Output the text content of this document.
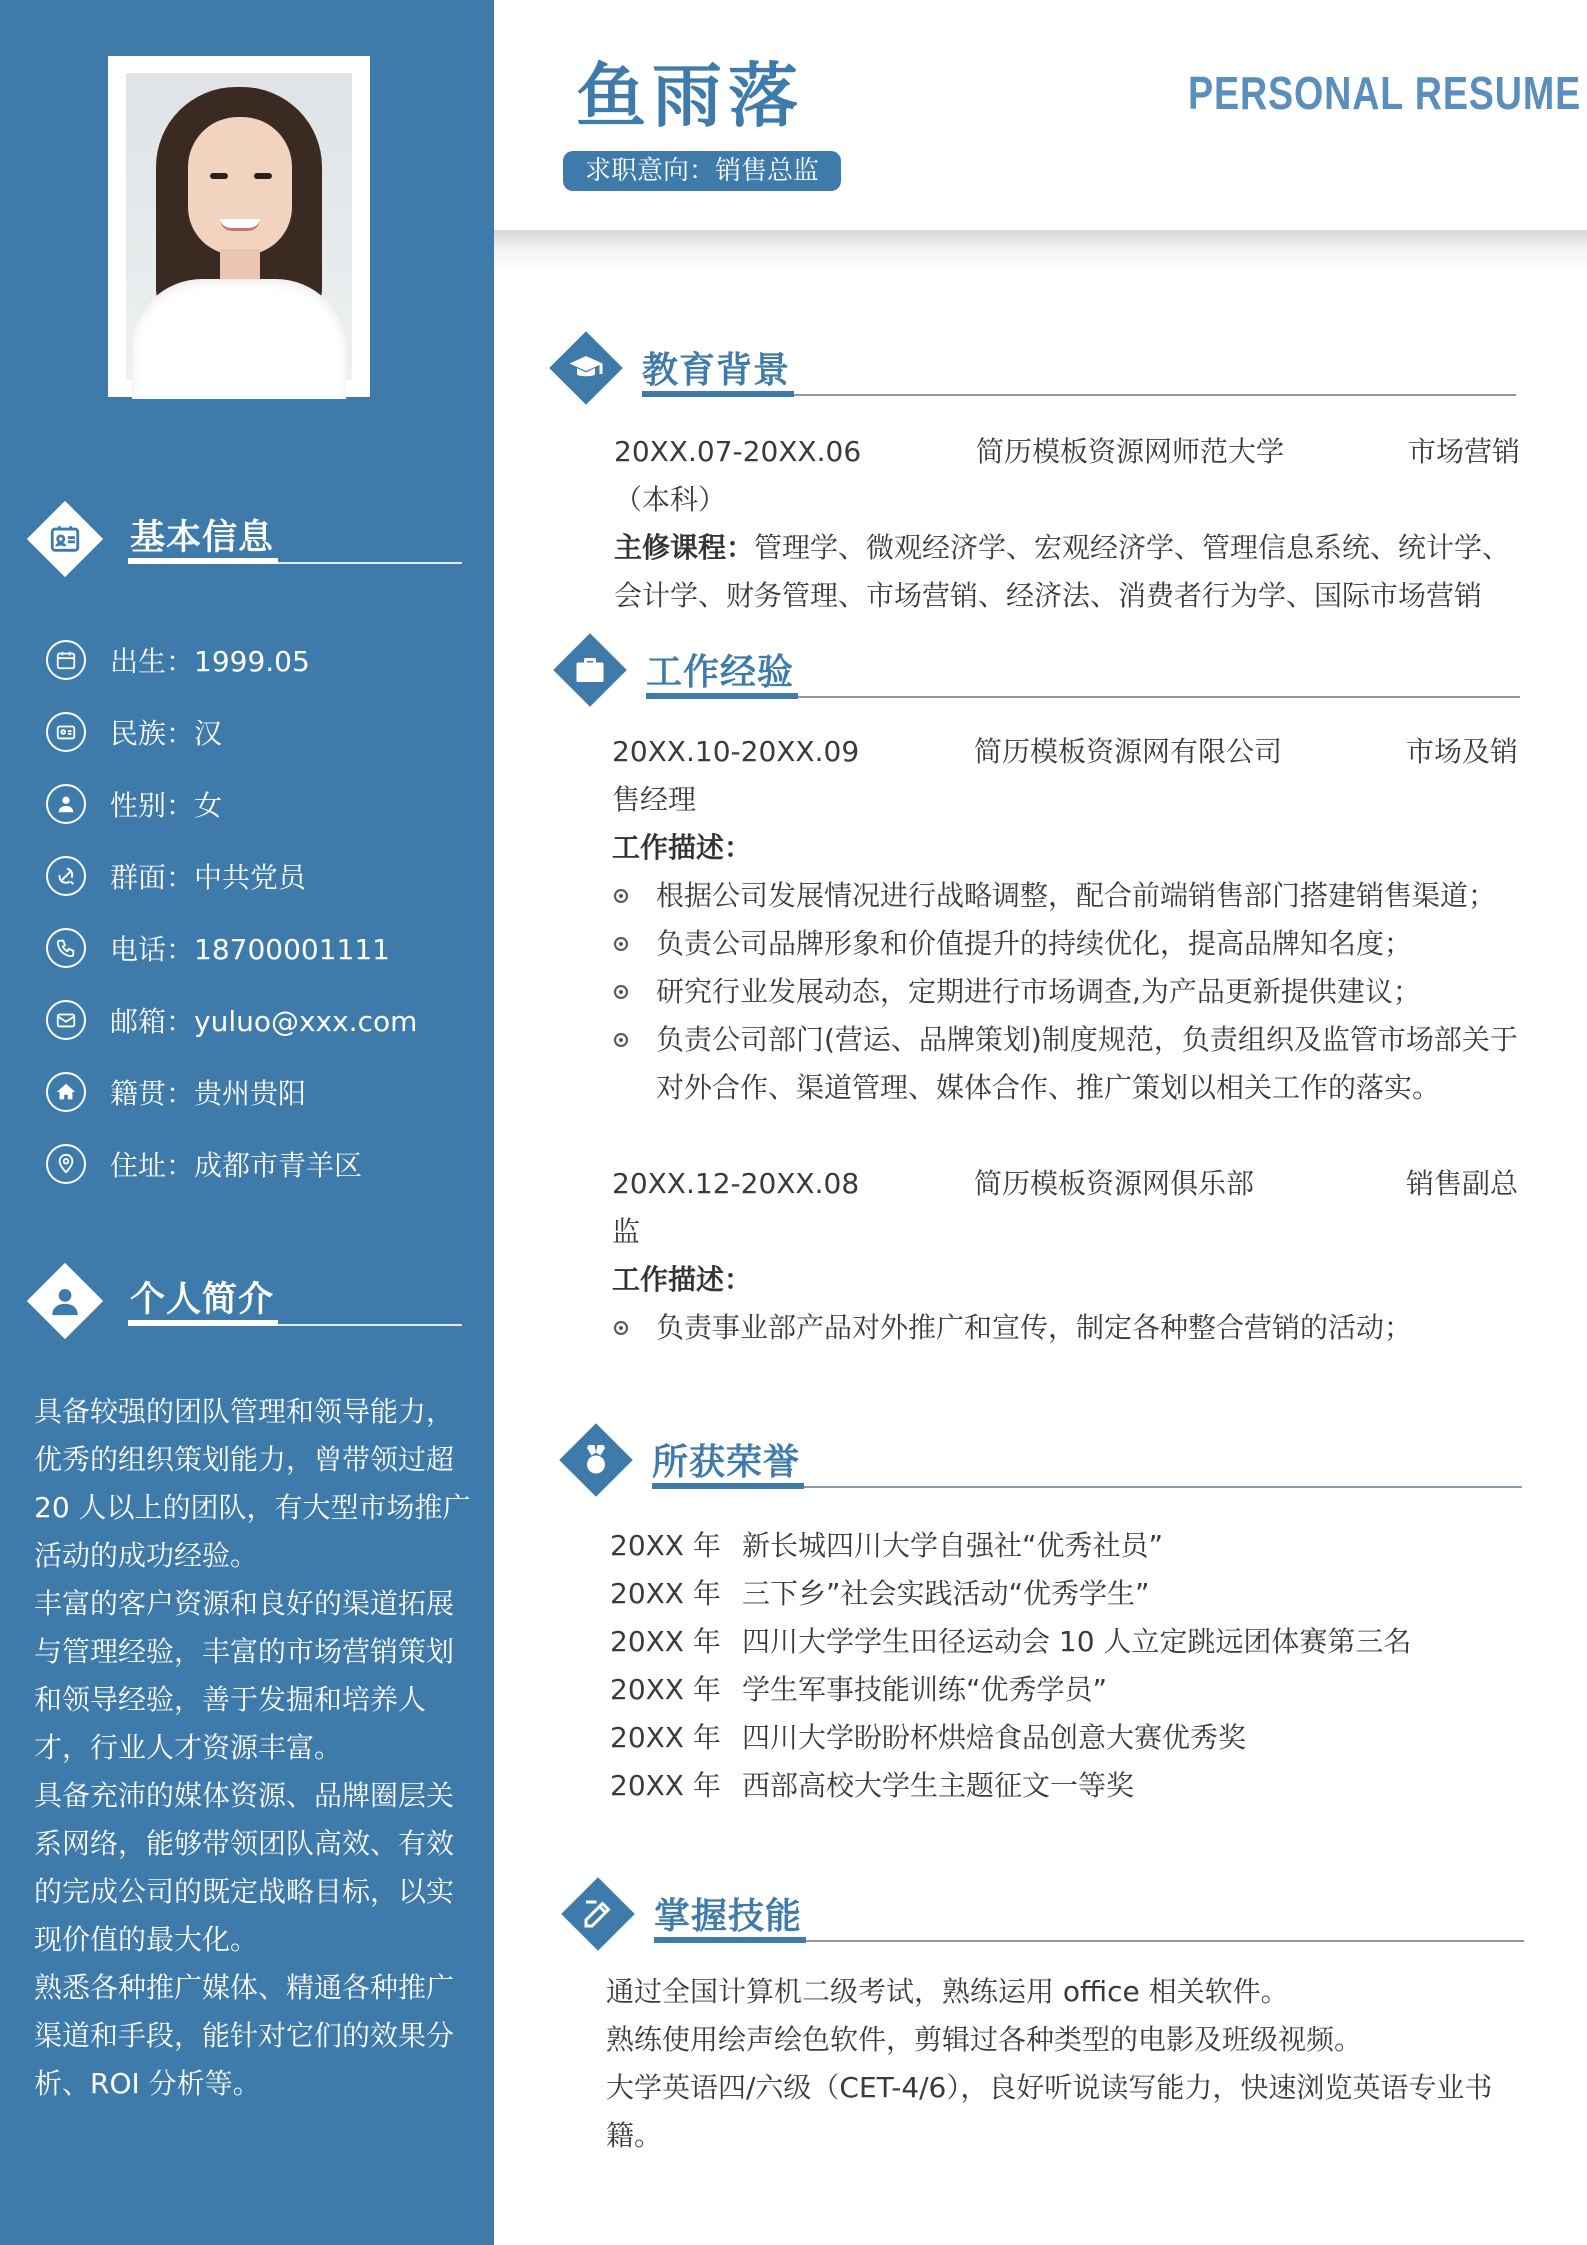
基本信息
出生：1999.05
民族：汉
性别：女
群面：中共党员
电话：18700001111
邮箱：yuluo@xxx.com
籍贯：贵州贵阳
住址：成都市青羊区
个人简介

具备较强的团队管理和领导能力，优秀的组织策划能力，曾带领过超 20 人以上的团队，有大型市场推广活动的成功经验。

丰富的客户资源和良好的渠道拓展与管理经验，丰富的市场营销策划和领导经验，善于发掘和培养人才，行业人才资源丰富。

具备充沛的媒体资源、品牌圈层关系网络，能够带领团队高效、有效的完成公司的既定战略目标，以实现价值的最大化。

熟悉各种推广媒体、精通各种推广渠道和手段，能针对它们的效果分析、ROI 分析等。

鱼雨落	PERSONAL RESUME
求职意向：销售总监
教育背景
20XX.07-20XX.06	简历模板资源网师范大学	市场营销
（本科）
主修课程：管理学、微观经济学、宏观经济学、管理信息系统、统计学、
会计学、财务管理、市场营销、经济法、消费者行为学、国际市场营销
工作经验
20XX.10-20XX.09	简历模板资源网有限公司	市场及销
售经理
工作描述：
根据公司发展情况进行战略调整，配合前端销售部门搭建销售渠道；
负责公司品牌形象和价值提升的持续优化，提高品牌知名度；
研究行业发展动态，定期进行市场调查,为产品更新提供建议；
负责公司部门(营运、品牌策划)制度规范，负责组织及监管市场部关于对外合作、渠道管理、媒体合作、推广策划以相关工作的落实。
20XX.12-20XX.08	简历模板资源网俱乐部	销售副总
监
工作描述：
负责事业部产品对外推广和宣传，制定各种整合营销的活动；
所获荣誉
20XX 年 新长城四川大学自强社“优秀社员”
20XX 年 三下乡”社会实践活动“优秀学生”
20XX 年 四川大学学生田径运动会 10 人立定跳远团体赛第三名
20XX 年 学生军事技能训练“优秀学员”
20XX 年 四川大学盼盼杯烘焙食品创意大赛优秀奖
20XX 年 西部高校大学生主题征文一等奖
掌握技能
通过全国计算机二级考试，熟练运用 office 相关软件。
熟练使用绘声绘色软件，剪辑过各种类型的电影及班级视频。
大学英语四/六级（CET-4/6），良好听说读写能力，快速浏览英语专业书籍。
